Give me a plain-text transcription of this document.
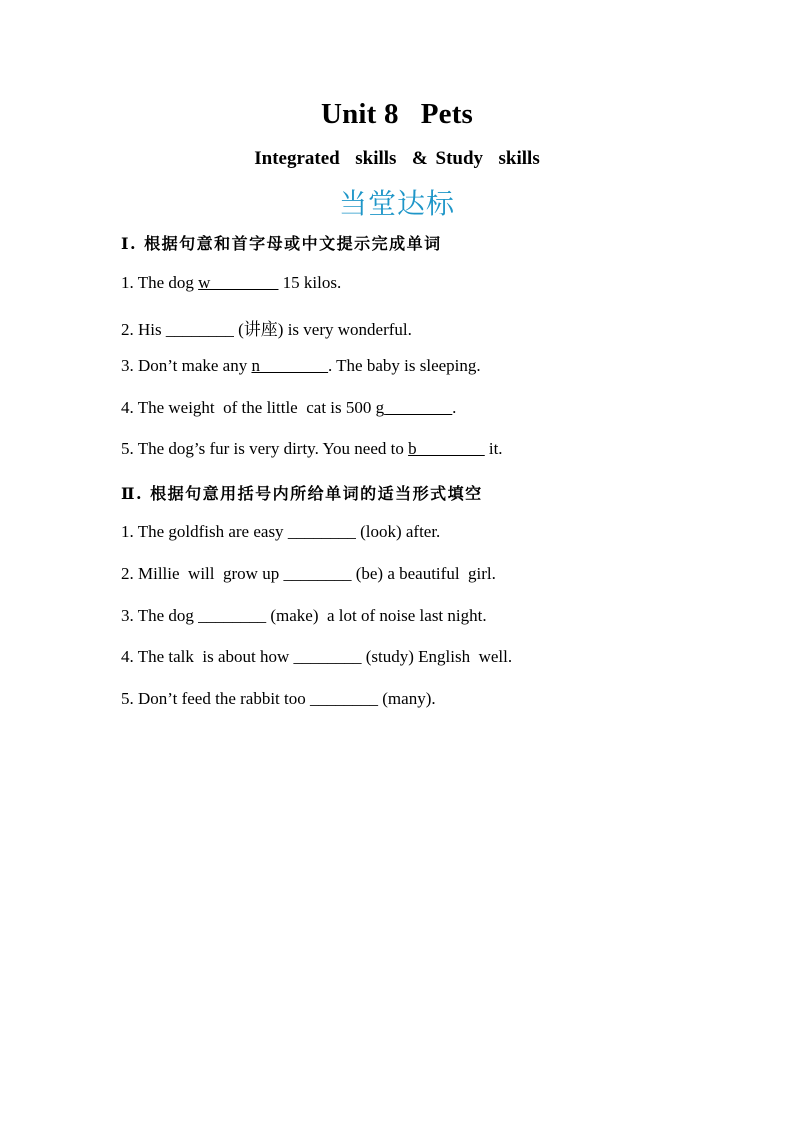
Unit 8 Pets
Integrated  skills  & Study  skills
当堂达标
Ⅰ. 根据句意和首字母或中文提示完成单词
1. The dog w________ 15 kilos.
2. His ________ (讲座) is very wonderful.
3. Don’t make any n________. The baby is sleeping.
4. The weight  of the little  cat is 500 g________.
5. The dog’s fur is very dirty. You need to b________ it.
Ⅱ. 根据句意用括号内所给单词的适当形式填空
1. The goldfish are easy ________ (look) after.
2. Millie  will  grow up ________ (be) a beautiful  girl.
3. The dog ________ (make)  a lot of noise last night.
4. The talk  is about how ________ (study) English  well.
5. Don’t feed the rabbit too ________ (many).
